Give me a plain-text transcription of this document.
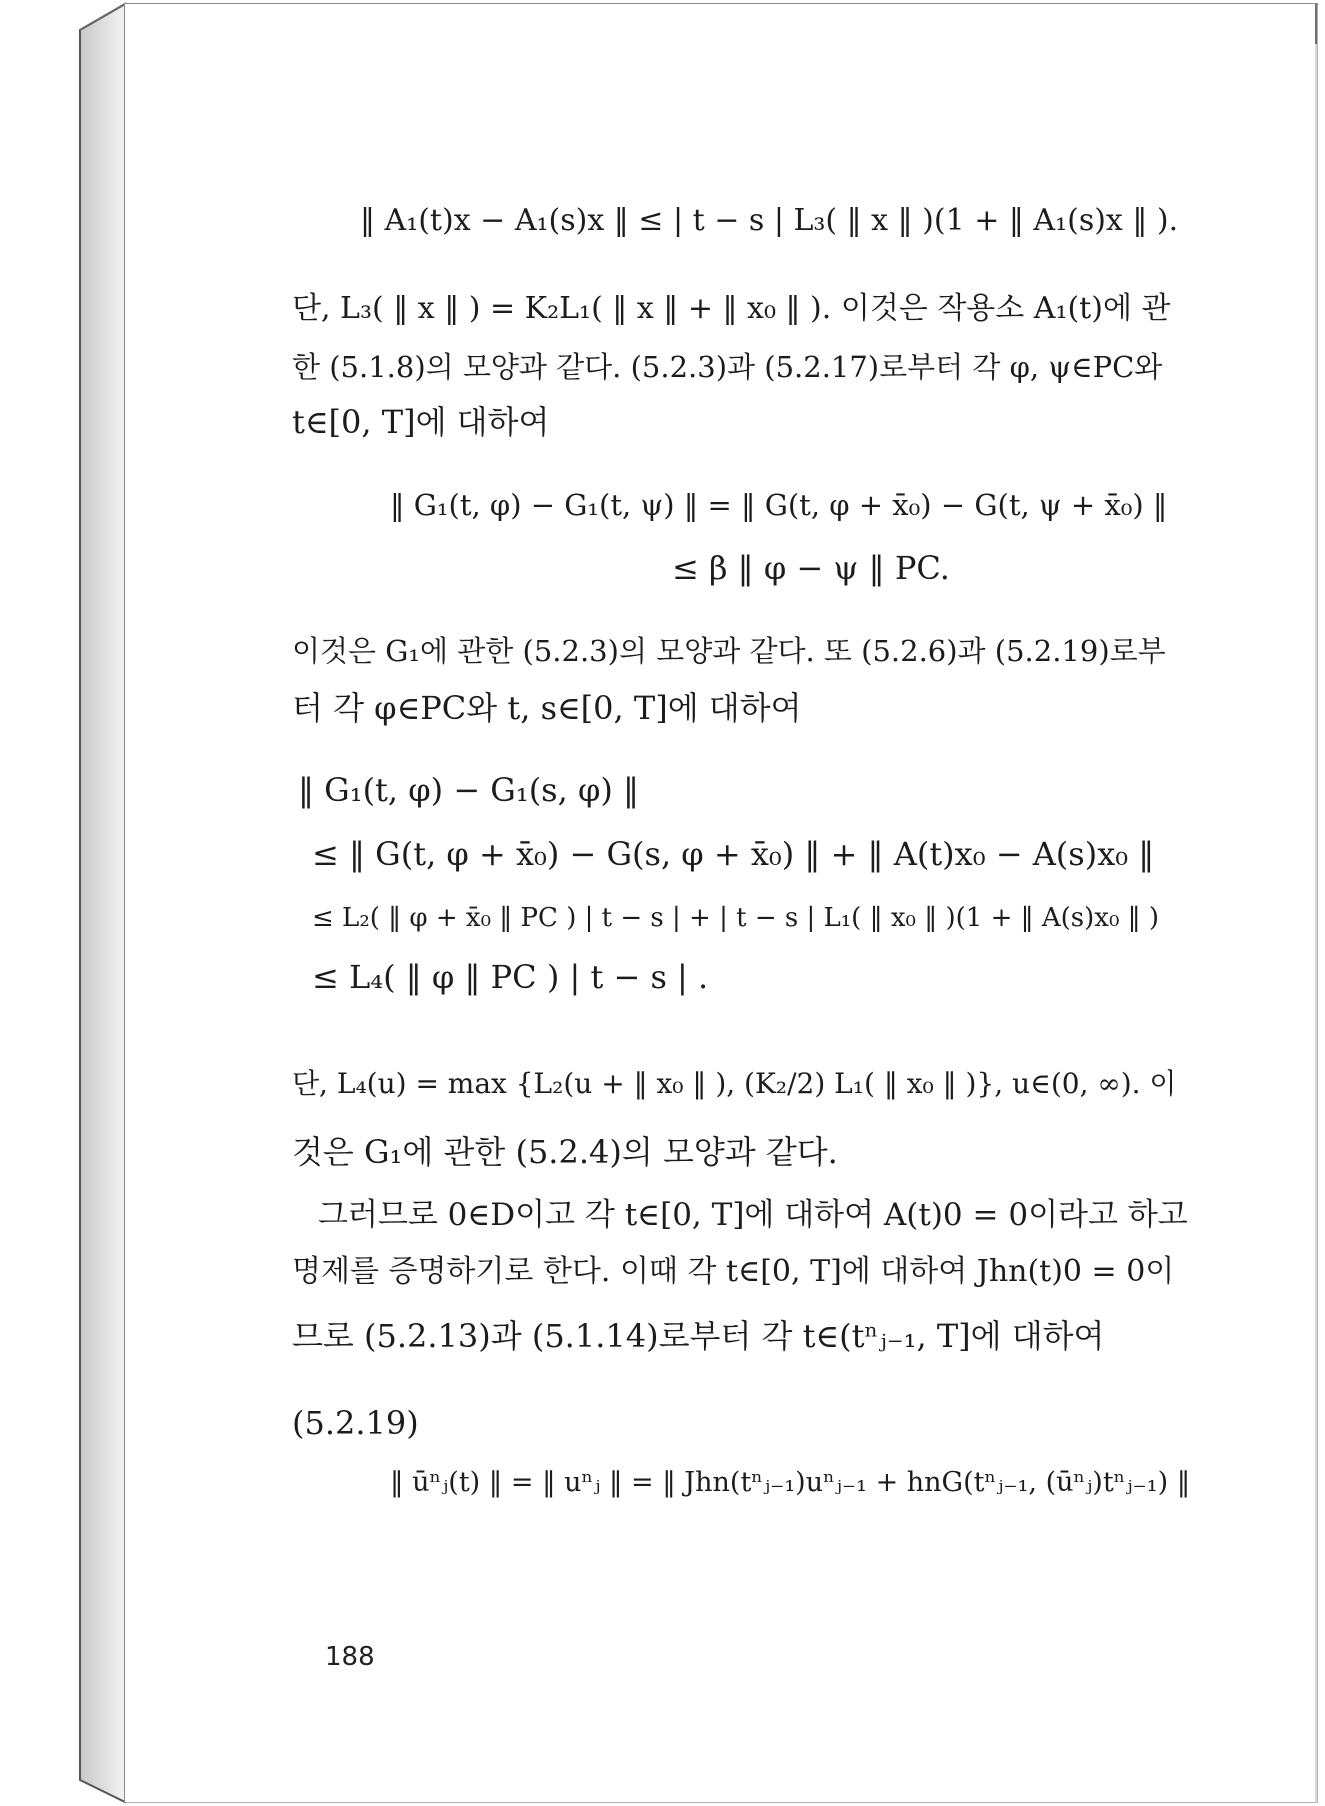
‖ A₁(t)x − A₁(s)x ‖ ≤ | t − s | L₃( ‖ x ‖ )(1 + ‖ A₁(s)x ‖ ).
단, L₃( ‖ x ‖ ) = K₂L₁( ‖ x ‖ + ‖ x₀ ‖ ). 이것은 작용소 A₁(t)에 관
한 (5.1.8)의 모양과 같다. (5.2.3)과 (5.2.17)로부터 각 φ, ψ∈PC와
t∈[0, T]에 대하여
‖ G₁(t, φ) − G₁(t, ψ) ‖ = ‖ G(t, φ + x̄₀) − G(t, ψ + x̄₀) ‖
≤ β ‖ φ − ψ ‖ PC.
이것은 G₁에 관한 (5.2.3)의 모양과 같다. 또 (5.2.6)과 (5.2.19)로부
터 각 φ∈PC와 t, s∈[0, T]에 대하여
‖ G₁(t, φ) − G₁(s, φ) ‖
≤ ‖ G(t, φ + x̄₀) − G(s, φ + x̄₀) ‖ + ‖ A(t)x₀ − A(s)x₀ ‖
≤ L₂( ‖ φ + x̄₀ ‖ PC ) | t − s | + | t − s | L₁( ‖ x₀ ‖ )(1 + ‖ A(s)x₀ ‖ )
≤ L₄( ‖ φ ‖ PC ) | t − s | .
단, L₄(u) = max {L₂(u + ‖ x₀ ‖ ), (K₂/2) L₁( ‖ x₀ ‖ )}, u∈(0, ∞). 이
것은 G₁에 관한 (5.2.4)의 모양과 같다.
그러므로 0∈D이고 각 t∈[0, T]에 대하여 A(t)0 = 0이라고 하고
명제를 증명하기로 한다. 이때 각 t∈[0, T]에 대하여 Jhn(t)0 = 0이
므로 (5.2.13)과 (5.1.14)로부터 각 t∈(tⁿⱼ₋₁, T]에 대하여
(5.2.19)
‖ ūⁿⱼ(t) ‖ = ‖ uⁿⱼ ‖ = ‖ Jhn(tⁿⱼ₋₁)uⁿⱼ₋₁ + hnG(tⁿⱼ₋₁, (ūⁿⱼ)tⁿⱼ₋₁) ‖
188
